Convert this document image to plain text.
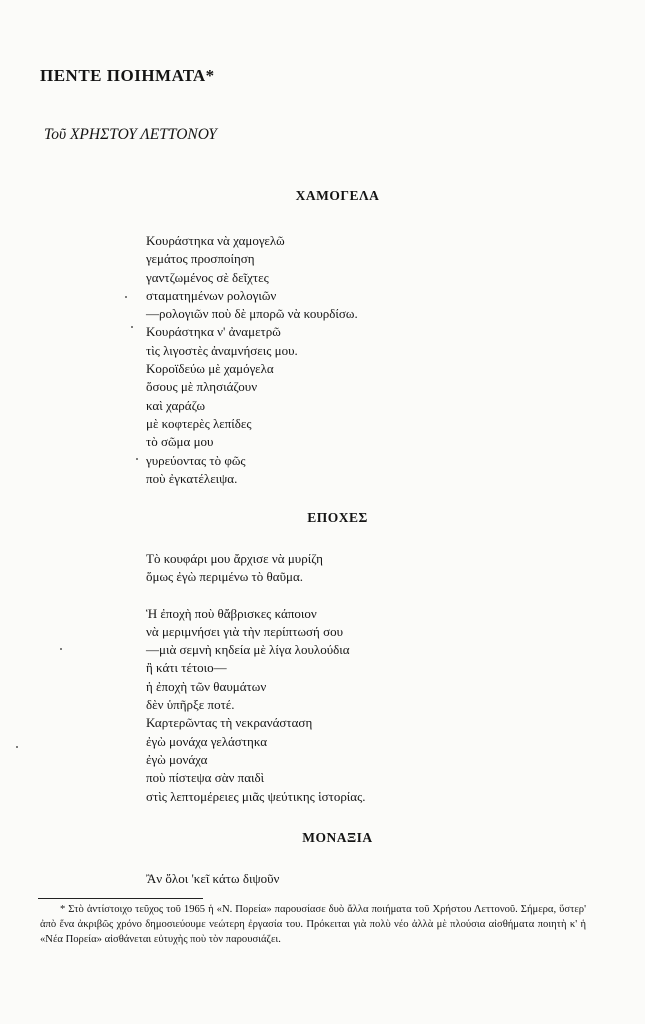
ΠΕΝΤΕ ΠΟΙΗΜΑΤΑ*
Τοῦ ΧΡΗΣΤΟΥ ΛΕΤΤΟΝΟΥ
ΧΑΜΟΓΕΛΑ
Κουράστηκα νὰ χαμογελῶ
γεμάτος προσποίηση
γαντζωμένος σὲ δεῖχτες
σταματημένων ρολογιῶν
—ρολογιῶν ποὺ δὲ μπορῶ νὰ κουρδίσω.
Κουράστηκα ν' ἀναμετρῶ
τὶς λιγοστὲς ἀναμνήσεις μου.
Κοροϊδεύω μὲ χαμόγελα
ὅσους μὲ πλησιάζουν
καὶ χαράζω
μὲ κοφτερὲς λεπίδες
τὸ σῶμα μου
γυρεύοντας τὸ φῶς
ποὺ ἐγκατέλειψα.
ΕΠΟΧΕΣ
Τὸ κουφάρι μου ἄρχισε νὰ μυρίζη
ὅμως ἐγὼ περιμένω τὸ θαῦμα.
Ἡ ἐποχὴ ποὺ θἄβρισκες κάποιον
νὰ μεριμνήσει γιὰ τὴν περίπτωσή σου
—μιὰ σεμνὴ κηδεία μὲ λίγα λουλούδια
ἢ κάτι τέτοιο—
ἡ ἐποχὴ τῶν θαυμάτων
δὲν ὑπῆρξε ποτέ.
Καρτερῶντας τὴ νεκρανάσταση
ἐγὼ μονάχα γελάστηκα
ἐγὼ μονάχα
ποὺ πίστεψα σὰν παιδὶ
στὶς λεπτομέρειες μιᾶς ψεύτικης ἱστορίας.
ΜΟΝΑΞΙΑ
Ἂν ὅλοι 'κεῖ κάτω διψοῦν
* Στὸ ἀντίστοιχο τεῦχος τοῦ 1965 ἡ «Ν. Πορεία» παρουσίασε δυὸ ἄλλα ποιήματα τοῦ Χρήστου Λεττονοῦ. Σήμερα, ὕστερ' ἀπὸ ἕνα ἀκριβῶς χρόνο δημοσιεύουμε νεώτερη ἐργασία του. Πρόκειται γιὰ πολὺ νέο ἀλλὰ μὲ πλούσια αἰσθήματα ποιητὴ κ' ἡ «Νέα Πορεία» αἰσθάνεται εὐτυχὴς ποὺ τὸν παρουσιάζει.
